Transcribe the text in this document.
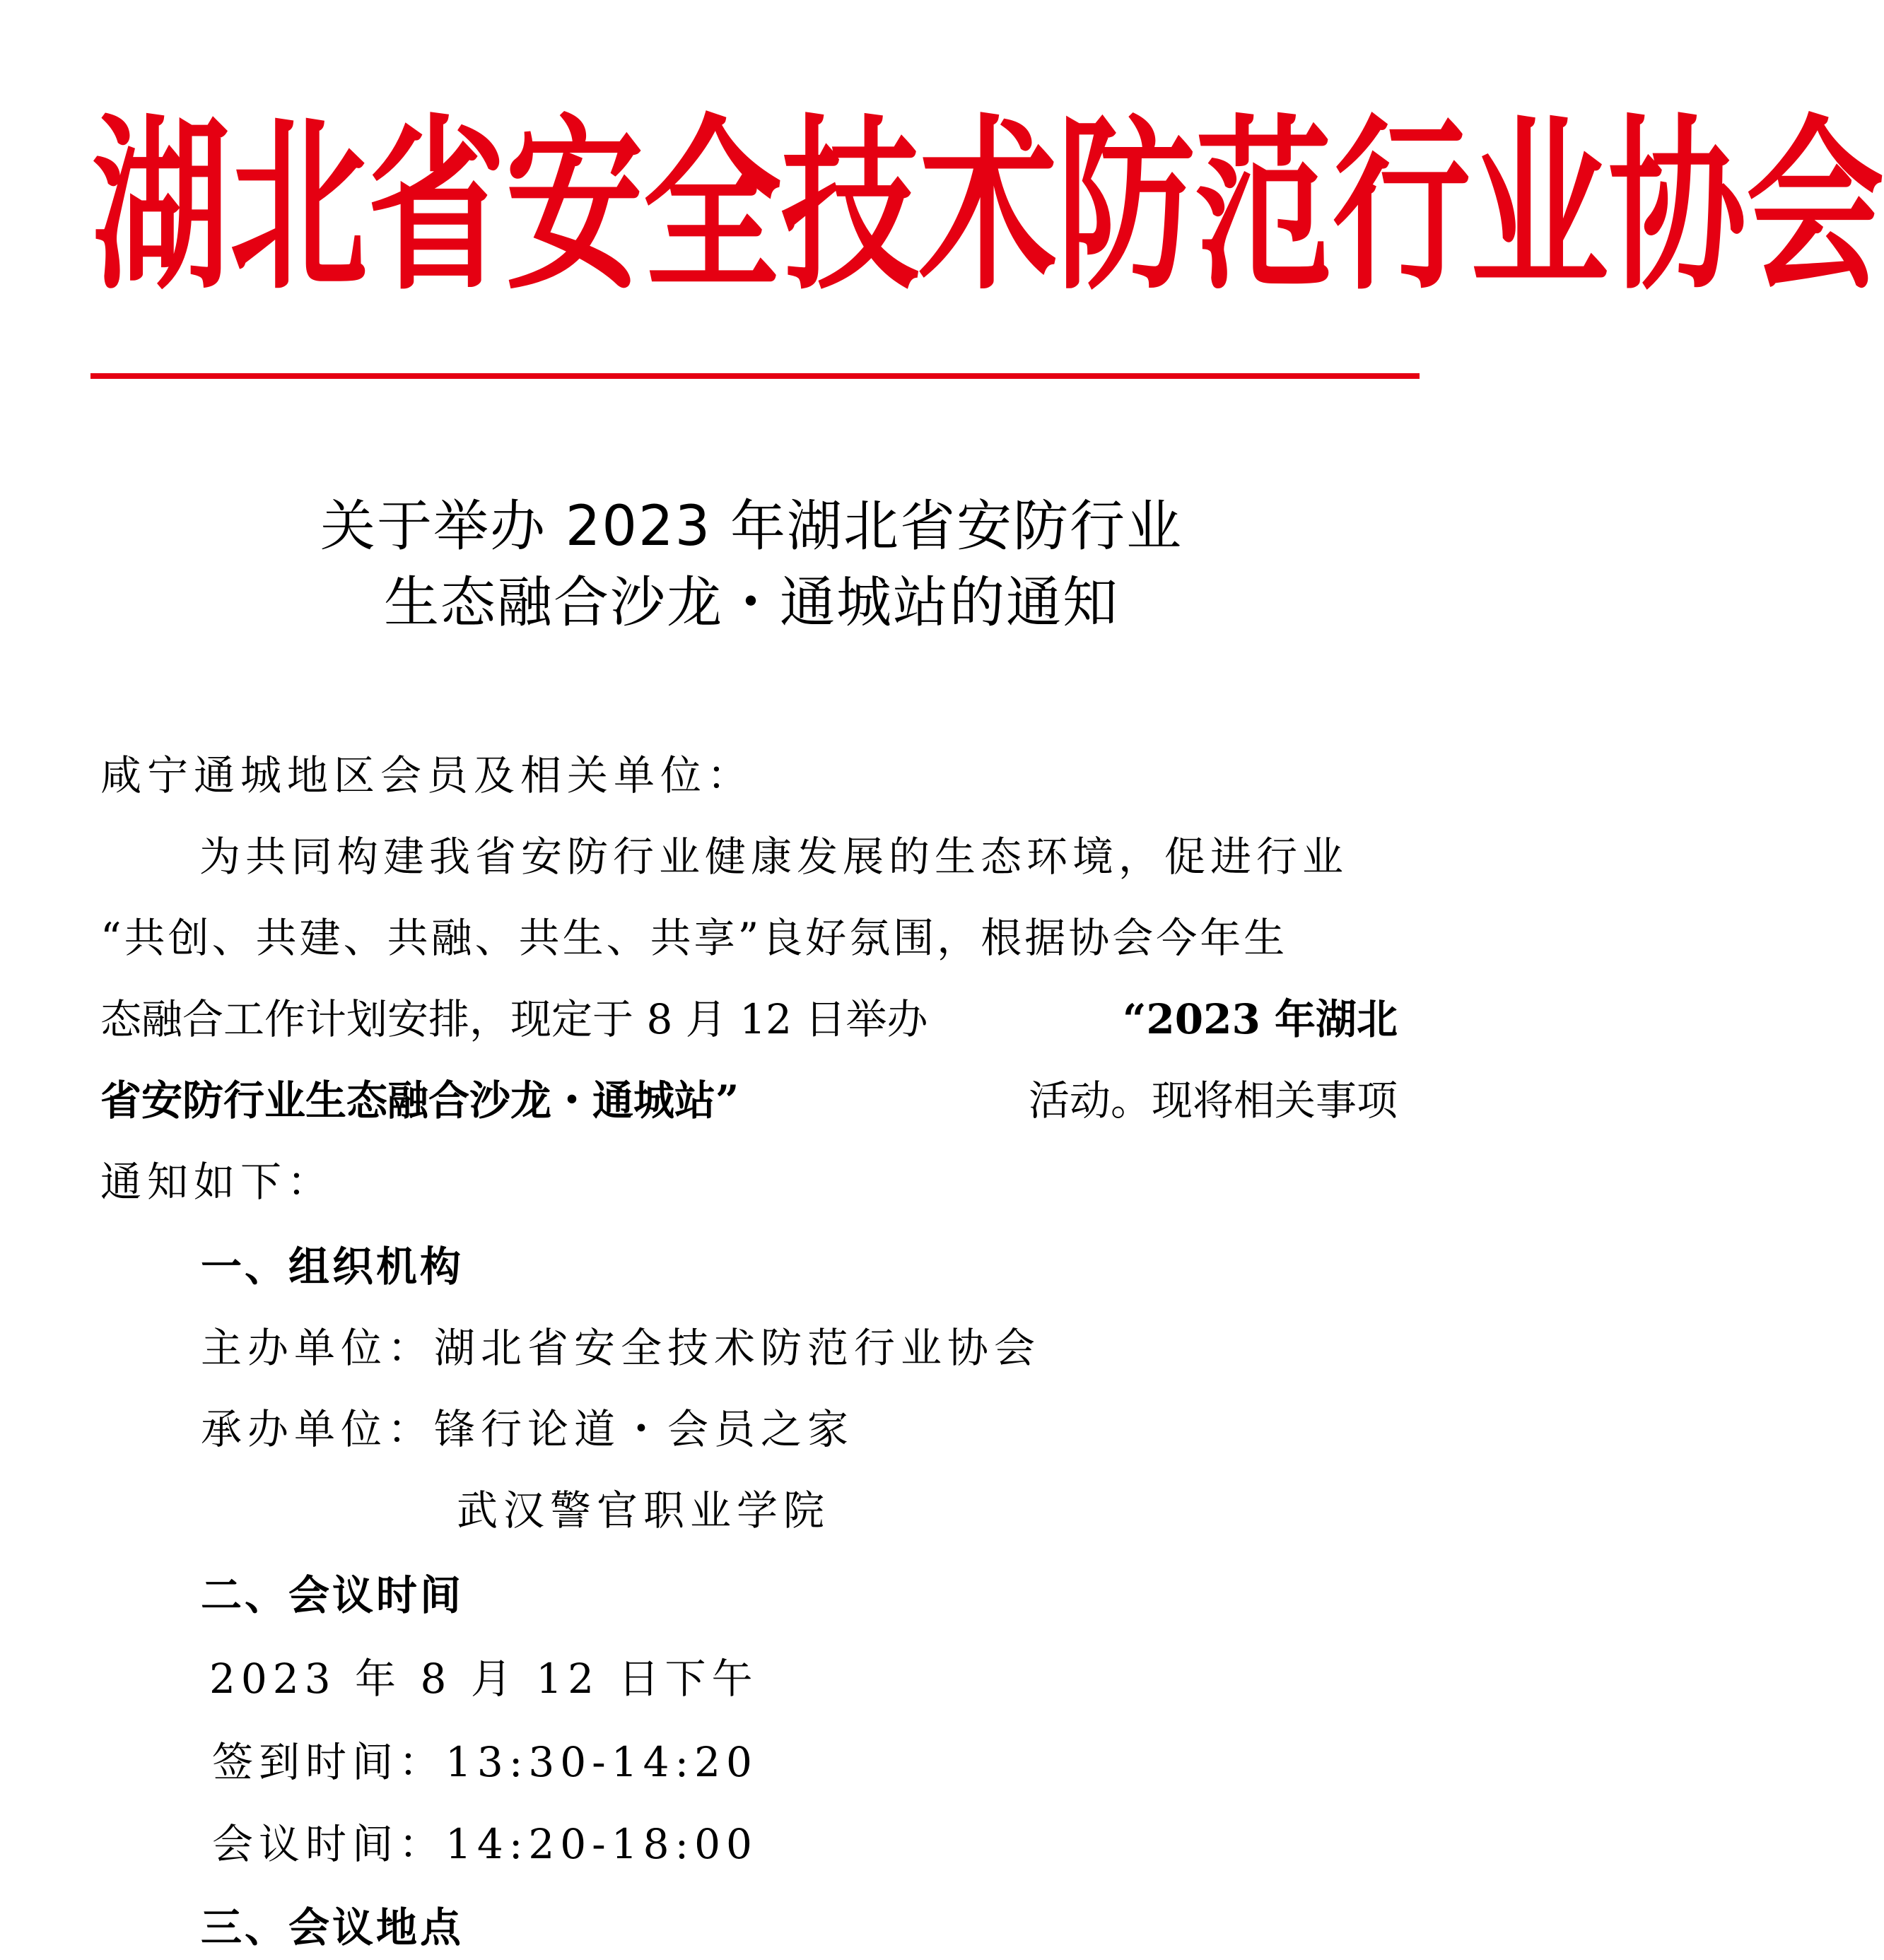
湖 北 省 安 全 技 术 防 范 行 业 协 会
关于举办 2023 年湖北省安防行业
生态融合沙龙・通城站的通知
咸宁通城地区会员及相关单位：
为共同构建我省安防行业健康发展的生态环境，促进行业
“共创、共建、共融、共生、共享”良好氛围，根据协会今年生
态融合工作计划安排，现定于 8 月 12 日举办	“2023 年湖北
省安防行业生态融合沙龙・通城站”	活动。现将相关事项
通知如下：
一、组织机构
主办单位：湖北省安全技术防范行业协会
承办单位：锋行论道・会员之家
武汉警官职业学院
二、会议时间
2023 年 8 月 12 日下午
签到时间：13:30-14:20
会议时间：14:20-18:00
三、会议地点
